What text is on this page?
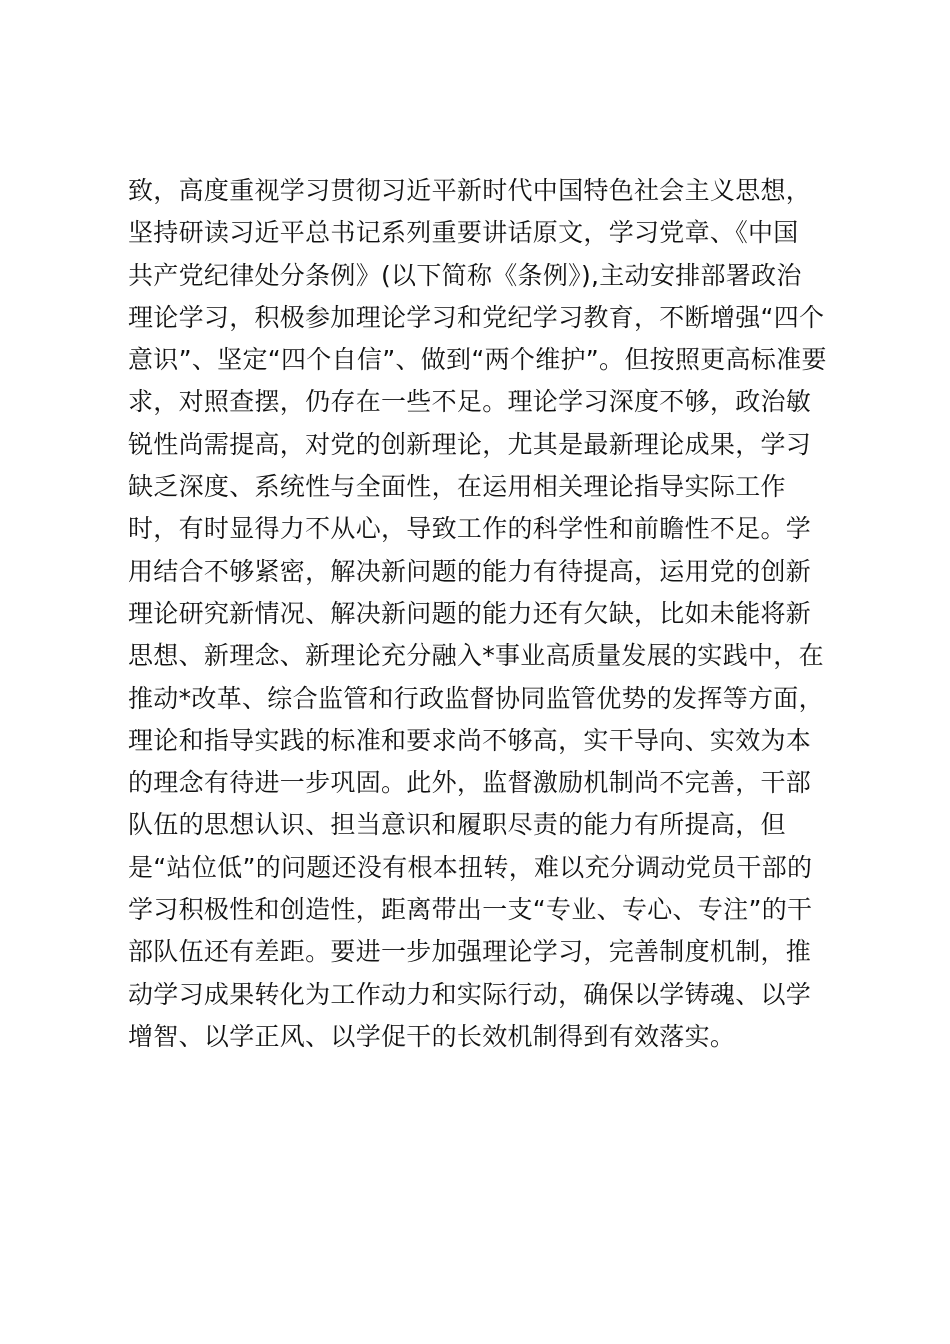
致，高度重视学习贯彻习近平新时代中国特色社会主义思想，
坚持研读习近平总书记系列重要讲话原文，学习党章、《中国
共产党纪律处分条例》(以下简称《条例》),主动安排部署政治
理论学习，积极参加理论学习和党纪学习教育，不断增强“四个
意识”、坚定“四个自信”、做到“两个维护”。但按照更高标准要
求，对照查摆，仍存在一些不足。理论学习深度不够，政治敏
锐性尚需提高，对党的创新理论，尤其是最新理论成果，学习
缺乏深度、系统性与全面性，在运用相关理论指导实际工作
时，有时显得力不从心，导致工作的科学性和前瞻性不足。学
用结合不够紧密，解决新问题的能力有待提高，运用党的创新
理论研究新情况、解决新问题的能力还有欠缺，比如未能将新
思想、新理念、新理论充分融入*事业高质量发展的实践中，在
推动*改革、综合监管和行政监督协同监管优势的发挥等方面，
理论和指导实践的标准和要求尚不够高，实干导向、实效为本
的理念有待进一步巩固。此外，监督激励机制尚不完善，干部
队伍的思想认识、担当意识和履职尽责的能力有所提高，但
是“站位低”的问题还没有根本扭转，难以充分调动党员干部的
学习积极性和创造性，距离带出一支“专业、专心、专注”的干
部队伍还有差距。要进一步加强理论学习，完善制度机制，推
动学习成果转化为工作动力和实际行动，确保以学铸魂、以学
增智、以学正风、以学促干的长效机制得到有效落实。
